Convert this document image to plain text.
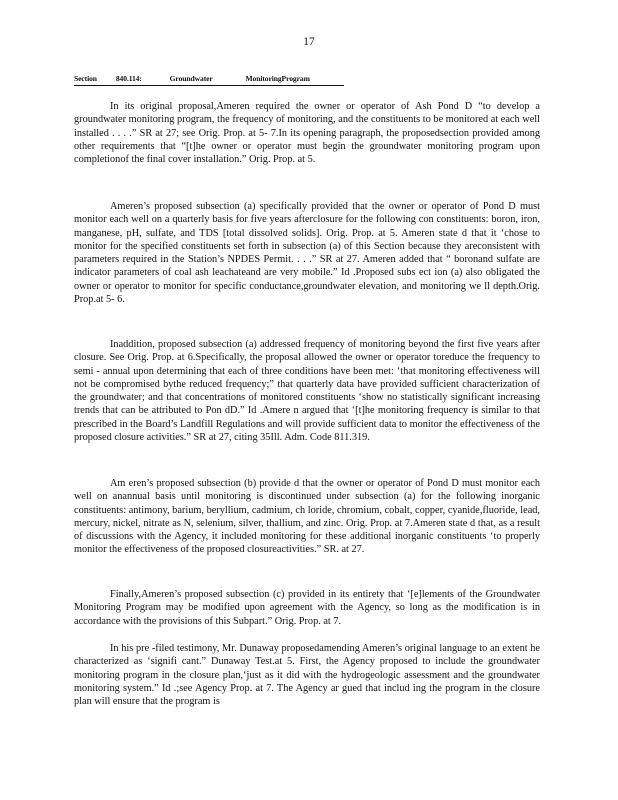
17
Section 840.114:	Groundwater	MonitoringProgram

In its original proposal,Ameren required the owner or operator of Ash Pond D “to develop a groundwater monitoring program, the frequency of monitoring, and the constituents to be monitored at each well installed . . . .” SR at 27; see Orig. Prop. at 5- 7.In its opening paragraph, the proposedsection provided among other requirements that “[t]he owner or operator must begin the groundwater monitoring program upon completionof the final cover installation.” Orig. Prop. at 5.

Ameren’s proposed subsection (a) specifically provided that the owner or operator of Pond D must monitor each well on a quarterly basis for five years afterclosure for the following con constituents: boron, iron, manganese, pH, sulfate, and TDS [total dissolved solids]. Orig. Prop. at 5. Ameren state d that it ‘chose to monitor for the specified constituents set forth in subsection (a) of this Section because they areconsistent with parameters required in the Station’s NPDES Permit. . . .” SR at 27. Ameren added that “ boronand sulfate are indicator parameters of coal ash leachateand are very mobile.” Id .Proposed subs ect ion (a) also obligated the owner or operator to monitor for specific conductance,groundwater elevation, and monitoring we ll depth.Orig. Prop.at 5- 6.

Inaddition, proposed subsection (a) addressed frequency of monitoring beyond the first five years after closure. See Orig. Prop. at 6.Specifically, the proposal allowed the owner or operator toreduce the frequency to semi - annual upon determining that each of three conditions have been met: ‘that monitoring effectiveness will not be compromised bythe reduced frequency;” that quarterly data have provided sufficient characterization of the groundwater; and that concentrations of monitored constituents ‘show no statistically significant increasing trends that can be attributed to Pon dD.” Id .Amere n argued that ‘[t]he monitoring frequency is similar to that prescribed in the Board’s Landfill Regulations and will provide sufficient data to monitor the effectiveness of the proposed closure activities.” SR at 27, citing 35Ill. Adm. Code 811.319.

Am eren’s proposed subsection (b) provide d that the owner or operator of Pond D must monitor each well on anannual basis until monitoring is discontinued under subsection (a) for the following inorganic constituents: antimony, barium, beryllium, cadmium, ch loride, chromium, cobalt, copper, cyanide,fluoride, lead, mercury, nickel, nitrate as N, selenium, silver, thallium, and zinc. Orig. Prop. at 7.Ameren state d that, as a result of discussions with the Agency, it included monitoring for these additional inorganic constituents ‘to properly monitor the effectiveness of the proposed closureactivities.” SR. at 27.

Finally,Ameren’s proposed subsection (c) provided in its entirety that ‘[e]lements of the Groundwater Monitoring Program may be modified upon agreement with the Agency, so long as the modification is in accordance with the provisions of this Subpart.” Orig. Prop. at 7.

In his pre -filed testimony, Mr. Dunaway proposedamending Ameren’s original language to an extent he characterized as ‘signifi cant.” Dunaway Test.at 5. First, the Agency proposed to include the groundwater monitoring program in the closure plan,‘just as it did with the hydrogeologic assessment and the groundwater monitoring system.” Id .;see Agency Prop. at 7. The Agency ar gued that includ ing the program in the closure plan will ensure that the program is
